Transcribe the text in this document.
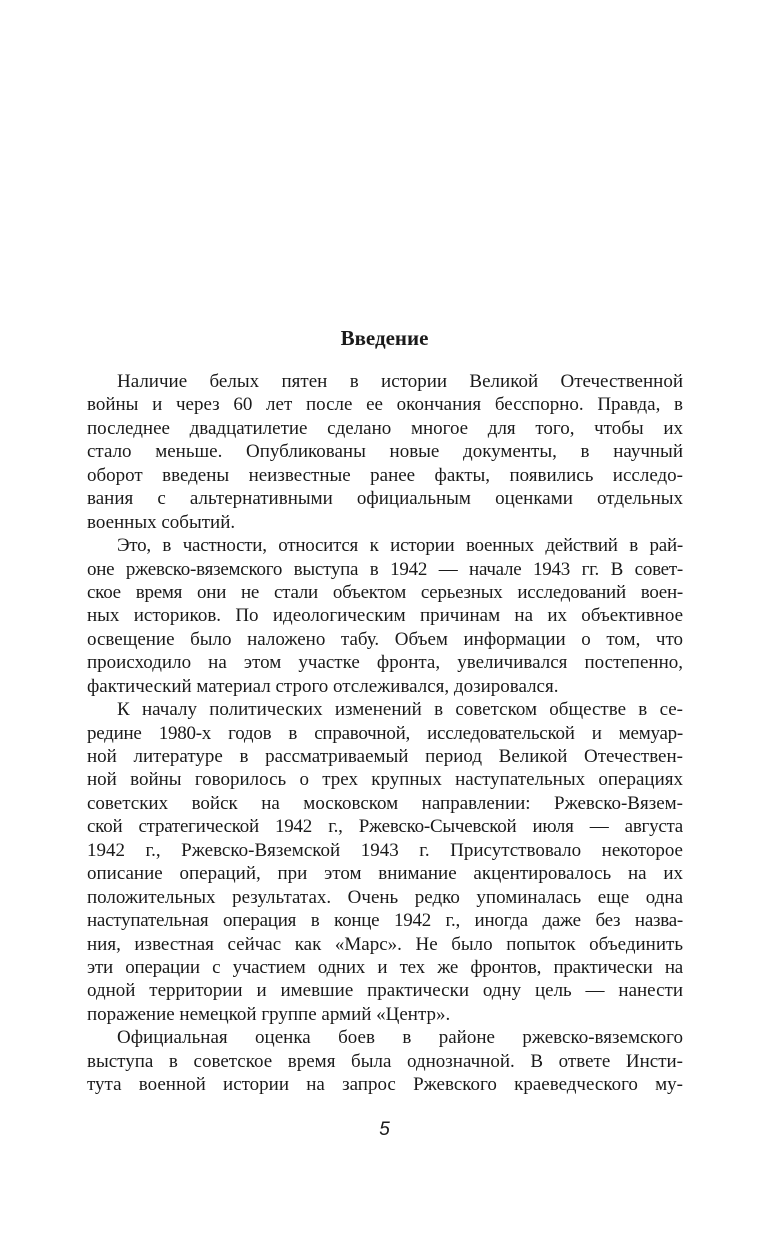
Введение
Наличие белых пятен в истории Великой Отечественной
войны и через 60 лет после ее окончания бесспорно. Правда, в
последнее двадцатилетие сделано многое для того, чтобы их
стало меньше. Опубликованы новые документы, в научный
оборот введены неизвестные ранее факты, появились исследо-
вания с альтернативными официальным оценками отдельных
военных событий.
Это, в частности, относится к истории военных действий в рай-
оне ржевско-вяземского выступа в 1942 — начале 1943 гг. В совет-
ское время они не стали объектом серьезных исследований воен-
ных историков. По идеологическим причинам на их объективное
освещение было наложено табу. Объем информации о том, что
происходило на этом участке фронта, увеличивался постепенно,
фактический материал строго отслеживался, дозировался.
К началу политических изменений в советском обществе в се-
редине 1980-х годов в справочной, исследовательской и мемуар-
ной литературе в рассматриваемый период Великой Отечествен-
ной войны говорилось о трех крупных наступательных операциях
советских войск на московском направлении: Ржевско-Вязем-
ской стратегической 1942 г., Ржевско-Сычевской июля — августа
1942 г., Ржевско-Вяземской 1943 г. Присутствовало некоторое
описание операций, при этом внимание акцентировалось на их
положительных результатах. Очень редко упоминалась еще одна
наступательная операция в конце 1942 г., иногда даже без назва-
ния, известная сейчас как «Марс». Не было попыток объединить
эти операции с участием одних и тех же фронтов, практически на
одной территории и имевшие практически одну цель — нанести
поражение немецкой группе армий «Центр».
Официальная оценка боев в районе ржевско-вяземского
выступа в советское время была однозначной. В ответе Инсти-
тута военной истории на запрос Ржевского краеведческого му-
5
